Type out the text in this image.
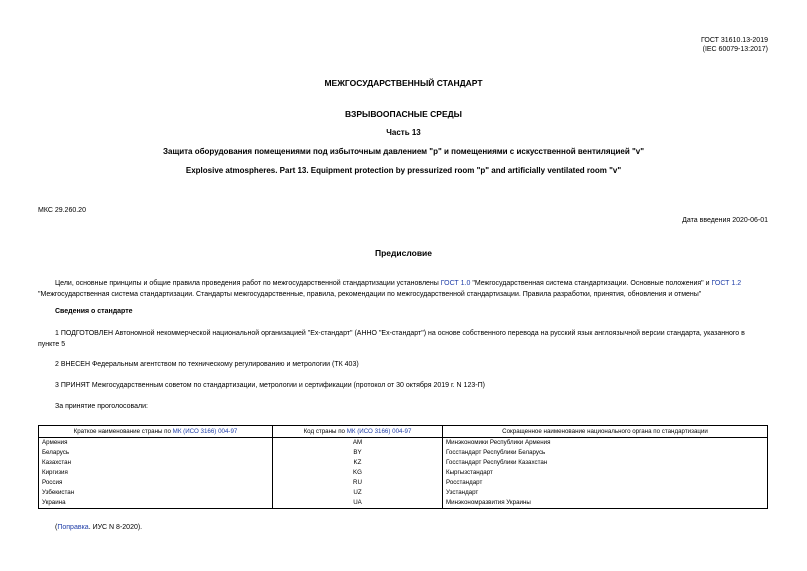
ГОСТ 31610.13-2019
(IEC 60079-13:2017)
МЕЖГОСУДАРСТВЕННЫЙ СТАНДАРТ
ВЗРЫВООПАСНЫЕ СРЕДЫ
Часть 13
Защита оборудования помещениями под избыточным давлением "р" и помещениями с искусственной вентиляцией "v"
Explosive atmospheres. Part 13. Equipment protection by pressurized room "p" and artificially ventilated room "v"
МКС 29.260.20
Дата введения 2020-06-01
Предисловие
Цели, основные принципы и общие правила проведения работ по межгосударственной стандартизации установлены ГОСТ 1.0 "Межгосударственная система стандартизации. Основные положения" и ГОСТ 1.2
"Межгосударственная система стандартизации. Стандарты межгосударственные, правила, рекомендации по межгосударственной стандартизации. Правила разработки, принятия, обновления и отмены"
Сведения о стандарте
1 ПОДГОТОВЛЕН Автономной некоммерческой национальной организацией "Ех-стандарт" (АННО "Ех-стандарт") на основе собственного перевода на русский язык англоязычной версии стандарта, указанного в
пункте 5
2 ВНЕСЕН Федеральным агентством по техническому регулированию и метрологии (ТК 403)
3 ПРИНЯТ Межгосударственным советом по стандартизации, метрологии и сертификации (протокол от 30 октября 2019 г. N 123-П)
За принятие проголосовали:
Краткое наименование страны по МК (ИСО 3166) 004-97	Код страны по МК (ИСО 3166) 004-97	Сокращенное наименование национального органа по стандартизации
Армения	AM	Минэкономики Республики Армения
Беларусь	BY	Госстандарт Республики Беларусь
Казахстан	KZ	Госстандарт Республики Казахстан
Киргизия	KG	Кыргызстандарт
Россия	RU	Росстандарт
Узбекистан	UZ	Узстандарт
Украина	UA	Минэкономразвития Украины
(Поправка. ИУС N 8-2020).
